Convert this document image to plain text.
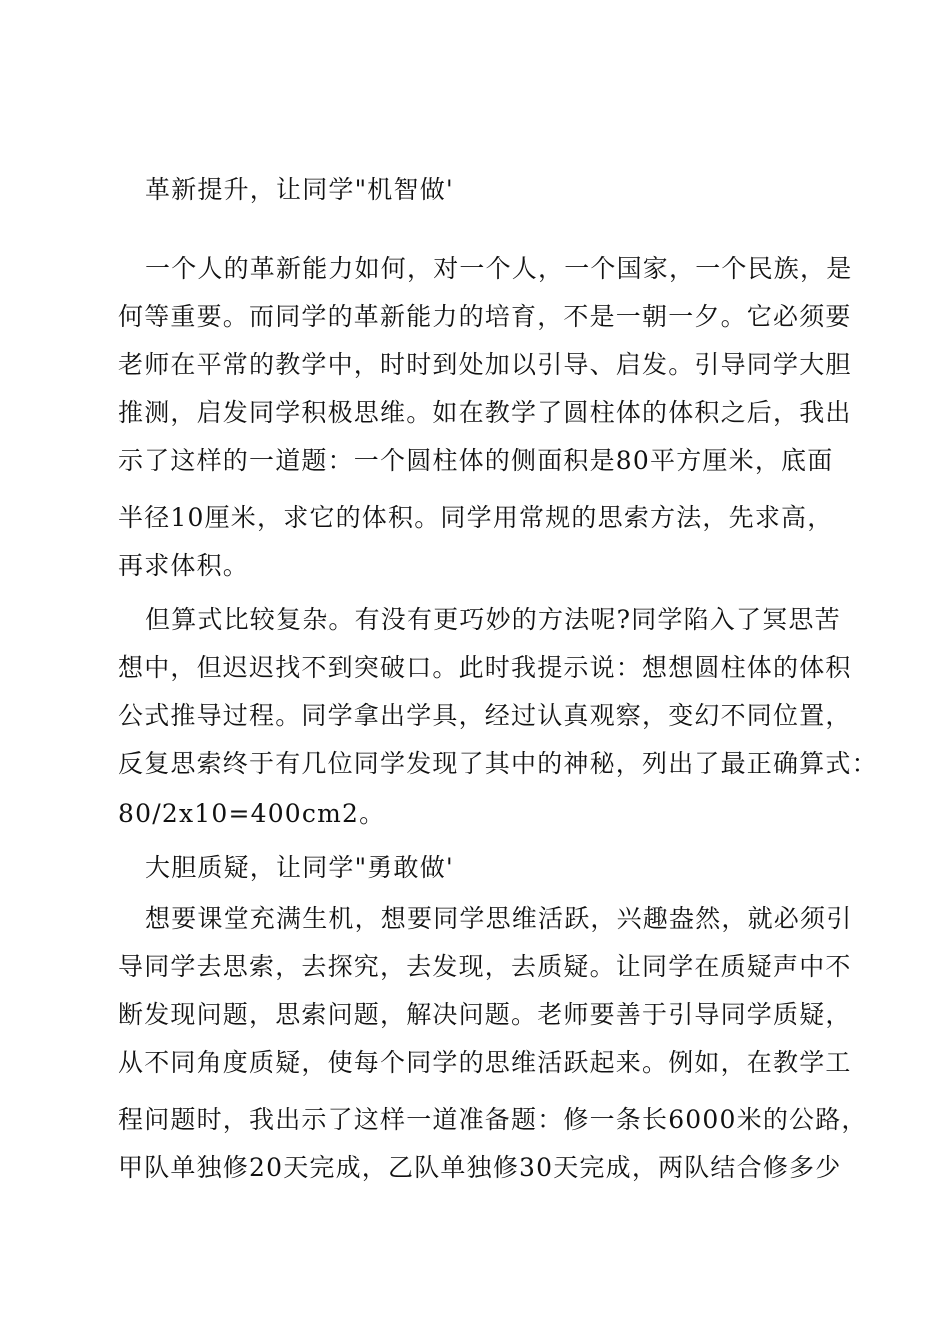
革新提升，让同学"机智做'
一个人的革新能力如何，对一个人，一个国家，一个民族，是
何等重要。而同学的革新能力的培育，不是一朝一夕。它必须要
老师在平常的教学中，时时到处加以引导、启发。引导同学大胆
推测，启发同学积极思维。如在教学了圆柱体的体积之后，我出
示了这样的一道题：一个圆柱体的侧面积是80平方厘米，底面
半径10厘米，求它的体积。同学用常规的思索方法，先求高，
再求体积。
但算式比较复杂。有没有更巧妙的方法呢?同学陷入了冥思苦
想中，但迟迟找不到突破口。此时我提示说：想想圆柱体的体积
公式推导过程。同学拿出学具，经过认真观察，变幻不同位置，
反复思索终于有几位同学发现了其中的神秘，列出了最正确算式：
80/2x10=400cm2。
大胆质疑，让同学"勇敢做'
想要课堂充满生机，想要同学思维活跃，兴趣盎然，就必须引
导同学去思索，去探究，去发现，去质疑。让同学在质疑声中不
断发现问题，思索问题，解决问题。老师要善于引导同学质疑，
从不同角度质疑，使每个同学的思维活跃起来。例如，在教学工
程问题时，我出示了这样一道准备题：修一条长6000米的公路，
甲队单独修20天完成，乙队单独修30天完成，两队结合修多少
